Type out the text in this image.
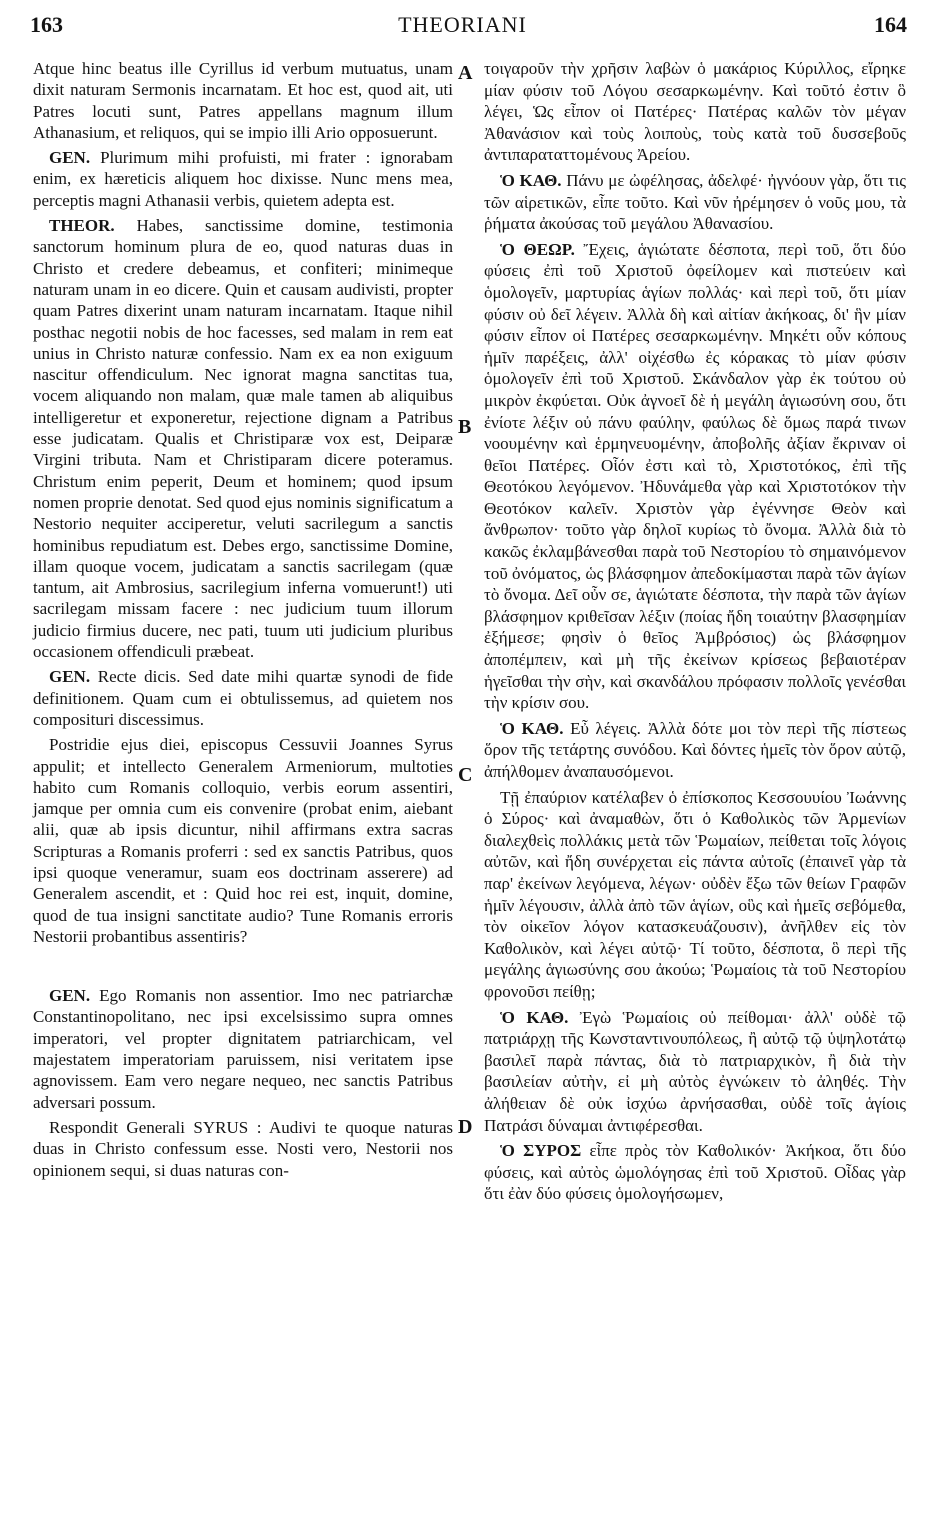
163	THEORIANI	164
A
B
C
D

Atque hinc beatus ille Cyrillus id verbum mutuatus, unam dixit naturam Sermonis incarnatam. Et hoc est, quod ait, uti Patres locuti sunt, Patres appellans magnum illum Athanasium, et reliquos, qui se impio illi Ario opposuerunt.

GEN. Plurimum mihi profuisti, mi frater : ignorabam enim, ex hæreticis aliquem hoc dixisse. Nunc mens mea, perceptis magni Athanasii verbis, quietem adepta est.

THEOR. Habes, sanctissime domine, testimonia sanctorum hominum plura de eo, quod naturas duas in Christo et credere debeamus, et confiteri; minimeque naturam unam in eo dicere. Quin et causam audivisti, propter quam Patres dixerint unam naturam incarnatam. Itaque nihil posthac negotii nobis de hoc facesses, sed malam in rem eat unius in Christo naturæ confessio. Nam ex ea non exiguum nascitur offendiculum. Nec ignorat magna sanctitas tua, vocem aliquando non malam, quæ male tamen ab aliquibus intelligeretur et exponeretur, rejectione dignam a Patribus esse judicatam. Qualis et Christiparæ vox est, Deiparæ Virgini tributa. Nam et Christiparam dicere poteramus. Christum enim peperit, Deum et hominem; quod ipsum nomen proprie denotat. Sed quod ejus nominis significatum a Nestorio nequiter acciperetur, veluti sacrilegum a sanctis hominibus repudiatum est. Debes ergo, sanctissime Domine, illam quoque vocem, judicatam a sanctis sacrilegam (quæ tantum, ait Ambrosius, sacrilegium inferna vomuerunt!) uti sacrilegam missam facere : nec judicium tuum illorum judicio firmius ducere, nec pati, tuum uti judicium pluribus occasionem offendiculi præbeat.

GEN. Recte dicis. Sed date mihi quartæ synodi de fide definitionem. Quam cum ei obtulissemus, ad quietem nos compositurі discessimus.

Postridie ejus diei, episcopus Cessuvii Joannes Syrus appulit; et intellecto Generalem Armeniorum, multoties habito cum Romanis colloquio, verbis eorum assentiri, jamque per omnia cum eis convenire (probat enim, aiebant alii, quæ ab ipsis dicuntur, nihil affirmans extra sacras Scripturas a Romanis proferri : sed ex sanctis Patribus, quos ipsi quoque veneramur, suam eos doctrinam asserere) ad Generalem ascendit, et : Quid hoc rei est, inquit, domine, quod de tua insigni sanctitate audio? Tune Romanis erroris Nestorii probantibus assentiris?

GEN. Ego Romanis non assentior. Imo nec patriarchæ Constantinopolitano, nec ipsi excelsissimo supra omnes imperatori, vel propter dignitatem patriarchicam, vel majestatem imperatoriam paruissem, nisi veritatem ipse agnovissem. Eam vero negare nequeo, nec sanctis Patribus adversari possum.

Respondit Generali SYRUS : Audivi te quoque naturas duas in Christo confessum esse. Nosti vero, Nestorii nos opinionem sequi, si duas naturas con-

τοιγαροῦν τὴν χρῆσιν λαβὼν ὁ μακάριος Κύριλλος, εἴρηκε μίαν φύσιν τοῦ Λόγου σεσαρκωμένην. Καὶ τοῦτό ἐστιν ὃ λέγει, Ὡς εἶπον οἱ Πατέρες· Πατέρας καλῶν τὸν μέγαν Ἀθανάσιον καὶ τοὺς λοιποὺς, τοὺς κατὰ τοῦ δυσσεβοῦς ἀντιπαραταττομένους Ἀρείου.

Ὁ ΚΑΘ. Πάνυ με ὠφέλησας, ἀδελφέ· ἠγνόουν γὰρ, ὅτι τις τῶν αἱρετικῶν, εἶπε τοῦτο. Καὶ νῦν ἠρέμησεν ὁ νοῦς μου, τὰ ῥήματα ἀκούσας τοῦ μεγάλου Ἀθανασίου.

Ὁ ΘΕΩΡ. Ἔχεις, ἁγιώτατε δέσποτα, περὶ τοῦ, ὅτι δύο φύσεις ἐπὶ τοῦ Χριστοῦ ὀφείλομεν καὶ πιστεύειν καὶ ὁμολογεῖν, μαρτυρίας ἁγίων πολλάς· καὶ περὶ τοῦ, ὅτι μίαν φύσιν οὐ δεῖ λέγειν. Ἀλλὰ δὴ καὶ αἰτίαν ἀκήκοας, δι' ἣν μίαν φύσιν εἶπον οἱ Πατέρες σεσαρκωμένην. Μηκέτι οὖν κόπους ἡμῖν παρέξεις, ἀλλ' οἰχέσθω ἐς κόρακας τὸ μίαν φύσιν ὁμολογεῖν ἐπὶ τοῦ Χριστοῦ. Σκάνδαλον γὰρ ἐκ τούτου οὐ μικρὸν ἐκφύεται. Οὐκ ἀγνοεῖ δὲ ἡ μεγάλη ἁγιωσύνη σου, ὅτι ἐνίοτε λέξιν οὐ πάνυ φαύλην, φαύλως δὲ ὅμως παρά τινων νοουμένην καὶ ἑρμηνευομένην, ἀποβολῆς ἀξίαν ἔκριναν οἱ θεῖοι Πατέρες. Οἷόν ἐστι καὶ τὸ, Χριστοτόκος, ἐπὶ τῆς Θεοτόκου λεγόμενον. Ἠδυνάμεθα γὰρ καὶ Χριστοτόκον τὴν Θεοτόκον καλεῖν. Χριστὸν γὰρ ἐγέννησε Θεὸν καὶ ἄνθρωπον· τοῦτο γὰρ δηλοῖ κυρίως τὸ ὄνομα. Ἀλλὰ διὰ τὸ κακῶς ἐκλαμβάνεσθαι παρὰ τοῦ Νεστορίου τὸ σημαινόμενον τοῦ ὀνόματος, ὡς βλάσφημον ἀπεδοκίμασται παρὰ τῶν ἁγίων τὸ ὄνομα. Δεῖ οὖν σε, ἁγιώτατε δέσποτα, τὴν παρὰ τῶν ἁγίων βλάσφημον κριθεῖσαν λέξιν (ποίας ἤδη τοιαύτην βλασφημίαν ἐξήμεσε; φησὶν ὁ θεῖος Ἀμβρόσιος) ὡς βλάσφημον ἀποπέμπειν, καὶ μὴ τῆς ἐκείνων κρίσεως βεβαιοτέραν ἡγεῖσθαι τὴν σὴν, καὶ σκανδάλου πρόφασιν πολλοῖς γενέσθαι τὴν κρίσιν σου.

Ὁ ΚΑΘ. Εὖ λέγεις. Ἀλλὰ δότε μοι τὸν περὶ τῆς πίστεως ὅρον τῆς τετάρτης συνόδου. Καὶ δόντες ἡμεῖς τὸν ὅρον αὐτῷ, ἀπήλθομεν ἀναπαυσόμενοι.

Τῇ ἐπαύριον κατέλαβεν ὁ ἐπίσκοπος Κεσσουυίου Ἰωάννης ὁ Σύρος· καὶ ἀναμαθὼν, ὅτι ὁ Καθολικὸς τῶν Ἀρμενίων διαλεχθεὶς πολλάκις μετὰ τῶν Ῥωμαίων, πείθεται τοῖς λόγοις αὐτῶν, καὶ ἤδη συνέρχεται εἰς πάντα αὐτοῖς (ἐπαινεῖ γὰρ τὰ παρ' ἐκείνων λεγόμενα, λέγων· οὐδὲν ἔξω τῶν θείων Γραφῶν ἡμῖν λέγουσιν, ἀλλὰ ἀπὸ τῶν ἁγίων, οὓς καὶ ἡμεῖς σεβόμεθα, τὸν οἰκεῖον λόγον κατασκευάζουσιν), ἀνῆλθεν εἰς τὸν Καθολικὸν, καὶ λέγει αὐτῷ· Τί τοῦτο, δέσποτα, ὃ περὶ τῆς μεγάλης ἁγιωσύνης σου ἀκούω; Ῥωμαίοις τὰ τοῦ Νεστορίου φρονοῦσι πείθῃ;

Ὁ ΚΑΘ. Ἐγὼ Ῥωμαίοις οὐ πείθομαι· ἀλλ' οὐδὲ τῷ πατριάρχῃ τῆς Κωνσταντινουπόλεως, ἢ αὐτῷ τῷ ὑψηλοτάτῳ βασιλεῖ παρὰ πάντας, διὰ τὸ πατριαρχικὸν, ἢ διὰ τὴν βασιλείαν αὐτὴν, εἰ μὴ αὐτὸς ἐγνώκειν τὸ ἀληθές. Τὴν ἀλήθειαν δὲ οὐκ ἰσχύω ἀρνήσασθαι, οὐδὲ τοῖς ἁγίοις Πατράσι δύναμαι ἀντιφέρεσθαι.

Ὁ ΣΥΡΟΣ εἶπε πρὸς τὸν Καθολικόν· Ἀκήκοα, ὅτι δύο φύσεις, καὶ αὐτὸς ὡμολόγησας ἐπὶ τοῦ Χριστοῦ. Οἶδας γὰρ ὅτι ἐὰν δύο φύσεις ὁμολογήσωμεν,
